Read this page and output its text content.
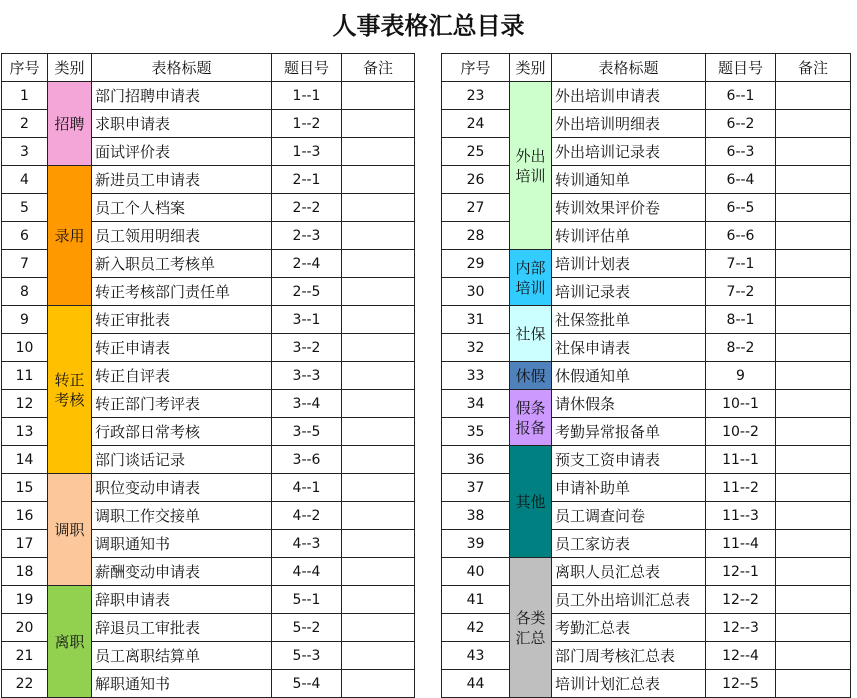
人事表格汇总目录
序号	类别	表格标题	题目号	备注
1	招聘	部门招聘申请表	1--1	
2		求职申请表	1--2	
3		面试评价表	1--3	
4	录用	新进员工申请表	2--1	
5		员工个人档案	2--2	
6		员工领用明细表	2--3	
7		新入职员工考核单	2--4	
8		转正考核部门责任单	2--5	
9	转正考核	转正审批表	3--1	
10		转正申请表	3--2	
11		转正自评表	3--3	
12		转正部门考评表	3--4	
13		行政部日常考核	3--5	
14		部门谈话记录	3--6	
15	调职	职位变动申请表	4--1	
16		调职工作交接单	4--2	
17		调职通知书	4--3	
18		薪酬变动申请表	4--4	
19	离职	辞职申请表	5--1	
20		辞退员工审批表	5--2	
21		员工离职结算单	5--3	
22		解职通知书	5--4	
序号	类别	表格标题	题目号	备注
23	外出培训	外出培训申请表	6--1	
24		外出培训明细表	6--2	
25		外出培训记录表	6--3	
26		转训通知单	6--4	
27		转训效果评价卷	6--5	
28		转训评估单	6--6	
29	内部培训	培训计划表	7--1	
30		培训记录表	7--2	
31	社保	社保签批单	8--1	
32		社保申请表	8--2	
33	休假	休假通知单	9	
34	假条报备	请休假条	10--1	
35		考勤异常报备单	10--2	
36	其他	预支工资申请表	11--1	
37		申请补助单	11--2	
38		员工调查问卷	11--3	
39		员工家访表	11--4	
40	各类汇总	离职人员汇总表	12--1	
41		员工外出培训汇总表	12--2	
42		考勤汇总表	12--3	
43		部门周考核汇总表	12--4	
44		培训计划汇总表	12--5	
